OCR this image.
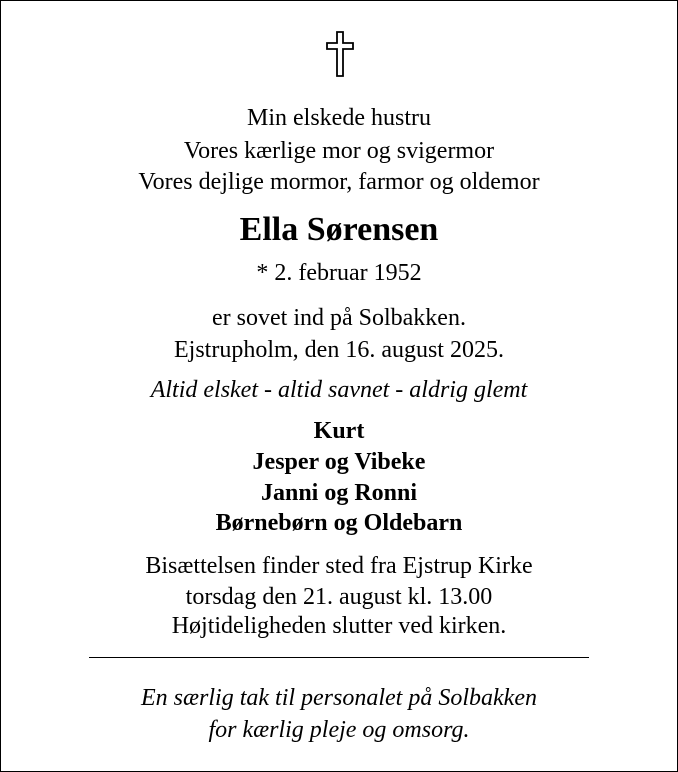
Min elskede hustru
Vores kærlige mor og svigermor
Vores dejlige mormor, farmor og oldemor
Ella Sørensen
* 2. februar 1952
er sovet ind på Solbakken.
Ejstrupholm, den 16. august 2025.
Altid elsket - altid savnet - aldrig glemt
Kurt
Jesper og Vibeke
Janni og Ronni
Børnebørn og Oldebarn
Bisættelsen finder sted fra Ejstrup Kirke
torsdag den 21. august kl. 13.00
Højtideligheden slutter ved kirken.
En særlig tak til personalet på Solbakken
for kærlig pleje og omsorg.
